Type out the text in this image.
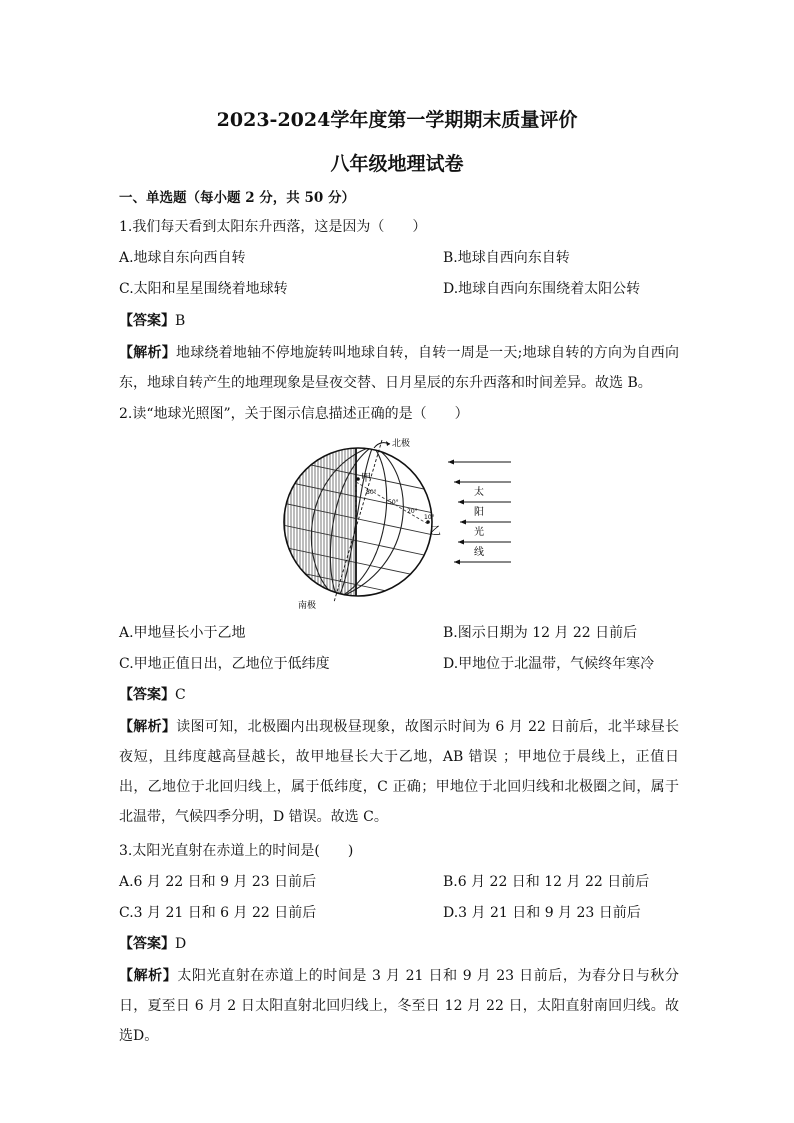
2023-2024学年度第一学期期末质量评价
八年级地理试卷
一、单选题（每小题 2 分，共 50 分）
1.我们每天看到太阳东升西落，这是因为（　　）
A.地球自东向西自转	B.地球自西向东自转
C.太阳和星星围绕着地球转	D.地球自西向东围绕着太阳公转
【答案】B
【解析】地球绕着地轴不停地旋转叫地球自转，自转一周是一天;地球自转的方向为自西向东，地球自转产生的地理现象是昼夜交替、日月星辰的东升西落和时间差异。故选 B。
2.读“地球光照图”，关于图示信息描述正确的是（　　）
甲
乙
80°
50°
20°
10°
北极
南极
太
阳
光
线
A.甲地昼长小于乙地	B.图示日期为 12 月 22 日前后
C.甲地正值日出，乙地位于低纬度	D.甲地位于北温带，气候终年寒冷
【答案】C
【解析】读图可知，北极圈内出现极昼现象，故图示时间为 6 月 22 日前后，北半球昼长夜短，且纬度越高昼越长，故甲地昼长大于乙地，AB 错误 ；甲地位于晨线上，正值日出，乙地位于北回归线上，属于低纬度，C 正确；甲地位于北回归线和北极圈之间，属于北温带，气候四季分明，D 错误。故选 C。
3.太阳光直射在赤道上的时间是(　　)
A.6 月 22 日和 9 月 23 日前后	B.6 月 22 日和 12 月 22 日前后
C.3 月 21 日和 6 月 22 日前后	D.3 月 21 日和 9 月 23 日前后
【答案】D
【解析】太阳光直射在赤道上的时间是 3 月 21 日和 9 月 23 日前后，为春分日与秋分日，夏至日 6 月 2 日太阳直射北回归线上，冬至日 12 月 22 日，太阳直射南回归线。故选D。
